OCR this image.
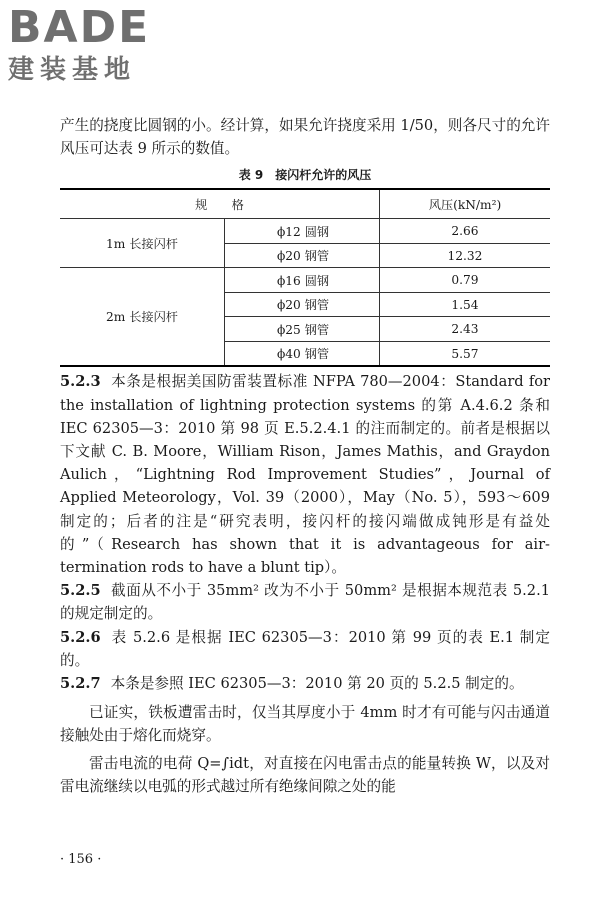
BADE
建装基地

产生的挠度比圆钢的小。经计算，如果允许挠度采用 1/50，则各尺寸的允许风压可达表 9 所示的数值。

表 9 接闪杆允许的风压
规　　格		风压(kN/m²)
1m 长接闪杆	ϕ12 圆钢	2.66
	ϕ20 钢管	12.32
2m 长接闪杆	ϕ16 圆钢	0.79
	ϕ20 钢管	1.54
	ϕ25 钢管	2.43
	ϕ40 钢管	5.57

5.2.3 本条是根据美国防雷装置标准 NFPA 780—2004：Standard for the installation of lightning protection systems 的第 A.4.6.2 条和 IEC 62305—3：2010 第 98 页 E.5.2.4.1 的注而制定的。前者是根据以下文献 C. B. Moore，William Rison，James Mathis，and Graydon Aulich，“Lightning Rod Improvement Studies”，Journal of Applied Meteorology，Vol. 39（2000），May（No. 5），593～609 制定的；后者的注是“研究表明，接闪杆的接闪端做成钝形是有益处的”（Research has shown that it is advantageous for air-termination rods to have a blunt tip）。

5.2.5 截面从不小于 35mm² 改为不小于 50mm² 是根据本规范表 5.2.1 的规定制定的。

5.2.6 表 5.2.6 是根据 IEC 62305—3：2010 第 99 页的表 E.1 制定的。

5.2.7 本条是参照 IEC 62305—3：2010 第 20 页的 5.2.5 制定的。

已证实，铁板遭雷击时，仅当其厚度小于 4mm 时才有可能与闪击通道接触处由于熔化而烧穿。

雷击电流的电荷 Q=∫idt，对直接在闪电雷击点的能量转换 W，以及对雷电流继续以电弧的形式越过所有绝缘间隙之处的能

· 156 ·
